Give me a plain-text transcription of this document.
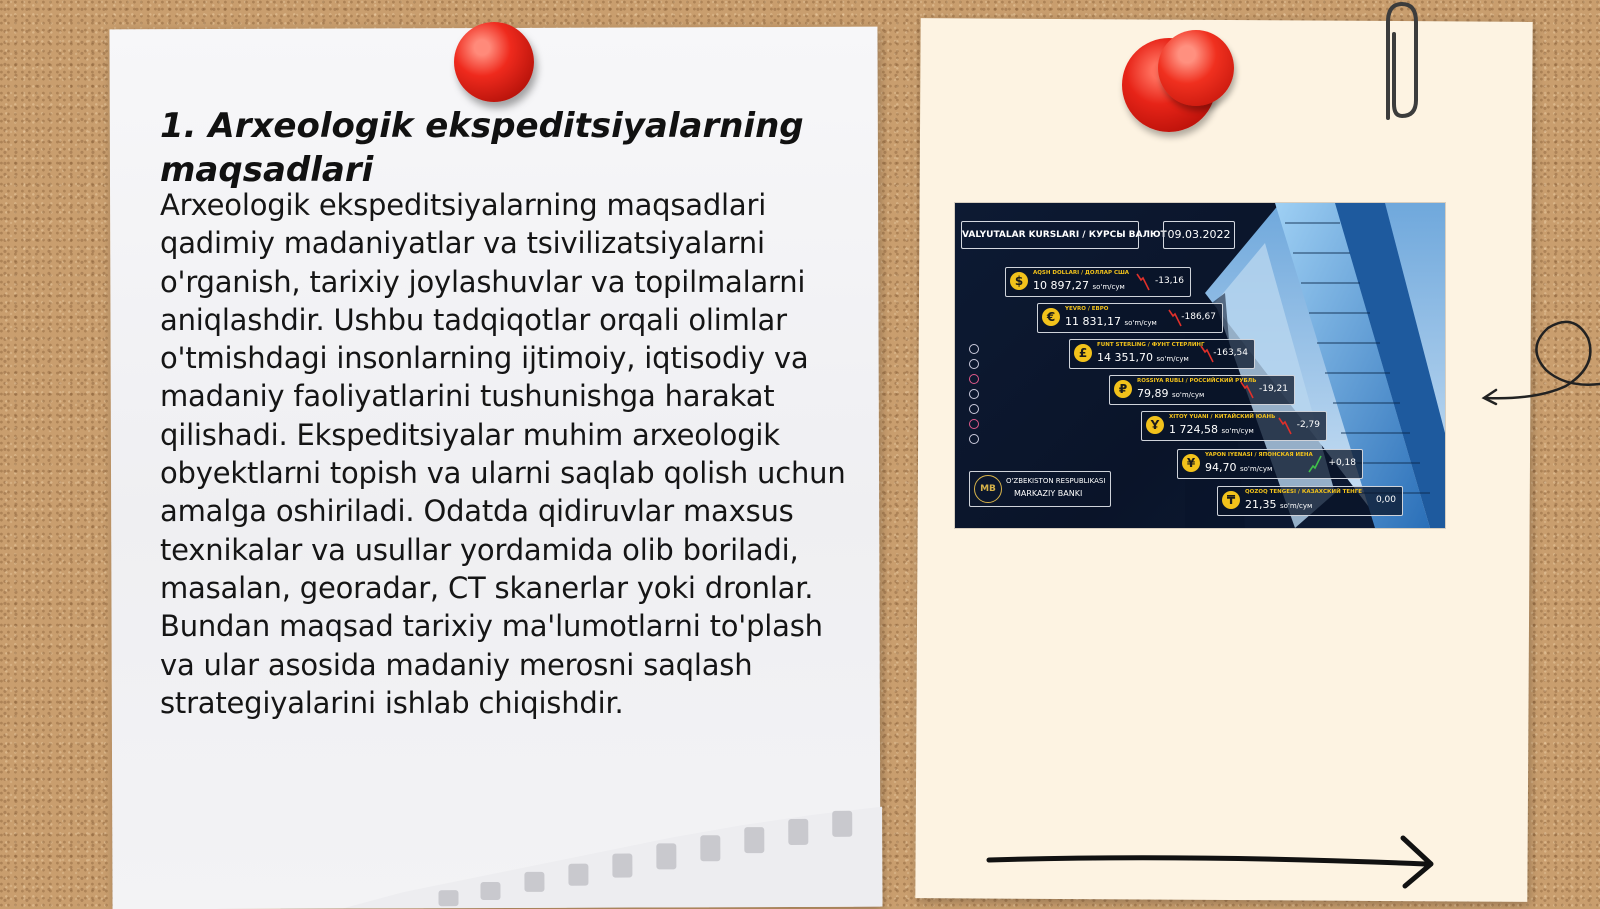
1. Arxeologik ekspeditsiyalarning maqsadlari

Arxeologik ekspeditsiyalarning maqsadlari qadimiy madaniyatlar va tsivilizatsiyalarni o'rganish, tarixiy joylashuvlar va topilmalarni aniqlashdir. Ushbu tadqiqotlar orqali olimlar o'tmishdagi insonlarning ijtimoiy, iqtisodiy va madaniy faoliyatlarini tushunishga harakat qilishadi. Ekspeditsiyalar muhim arxeologik obyektlarni topish va ularni saqlab qolish uchun amalga oshiriladi. Odatda qidiruvlar maxsus texnikalar va usullar yordamida olib boriladi, masalan, georadar, CT skanerlar yoki dronlar. Bundan maqsad tarixiy ma'lumotlarni to'plash va ular asosida madaniy merosni saqlash strategiyalarini ishlab chiqishdir.

VALYUTALAR KURSLARI / КУРСЫ ВАЛЮТ 09.03.2022
$
AQSH DOLLARI / ДОЛЛАР США
10 897,27 so'm/сум
-13,16
€
YEVRO / ЕВРО
11 831,17 so'm/сум
-186,67
£
FUNT STERLING / ФУНТ СТЕРЛИНГ
14 351,70 so'm/сум
-163,54
₽
ROSSIYA RUBLI / РОССИЙСКИЙ РУБЛЬ
79,89 so'm/сум
-19,21
Ұ
XITOY YUANI / КИТАЙСКИЙ ЮАНЬ
1 724,58 so'm/сум
-2,79
¥
YAPON IYENASI / ЯПОНСКАЯ ИЕНА
94,70 so'm/сум
+0,18
₸
QOZOQ TENGESI / КАЗАХСКИЙ ТЕНГЕ
21,35 so'm/сум
0,00
MB
O'ZBEKISTON RESPUBLIKASI
MARKAZIY BANKI
